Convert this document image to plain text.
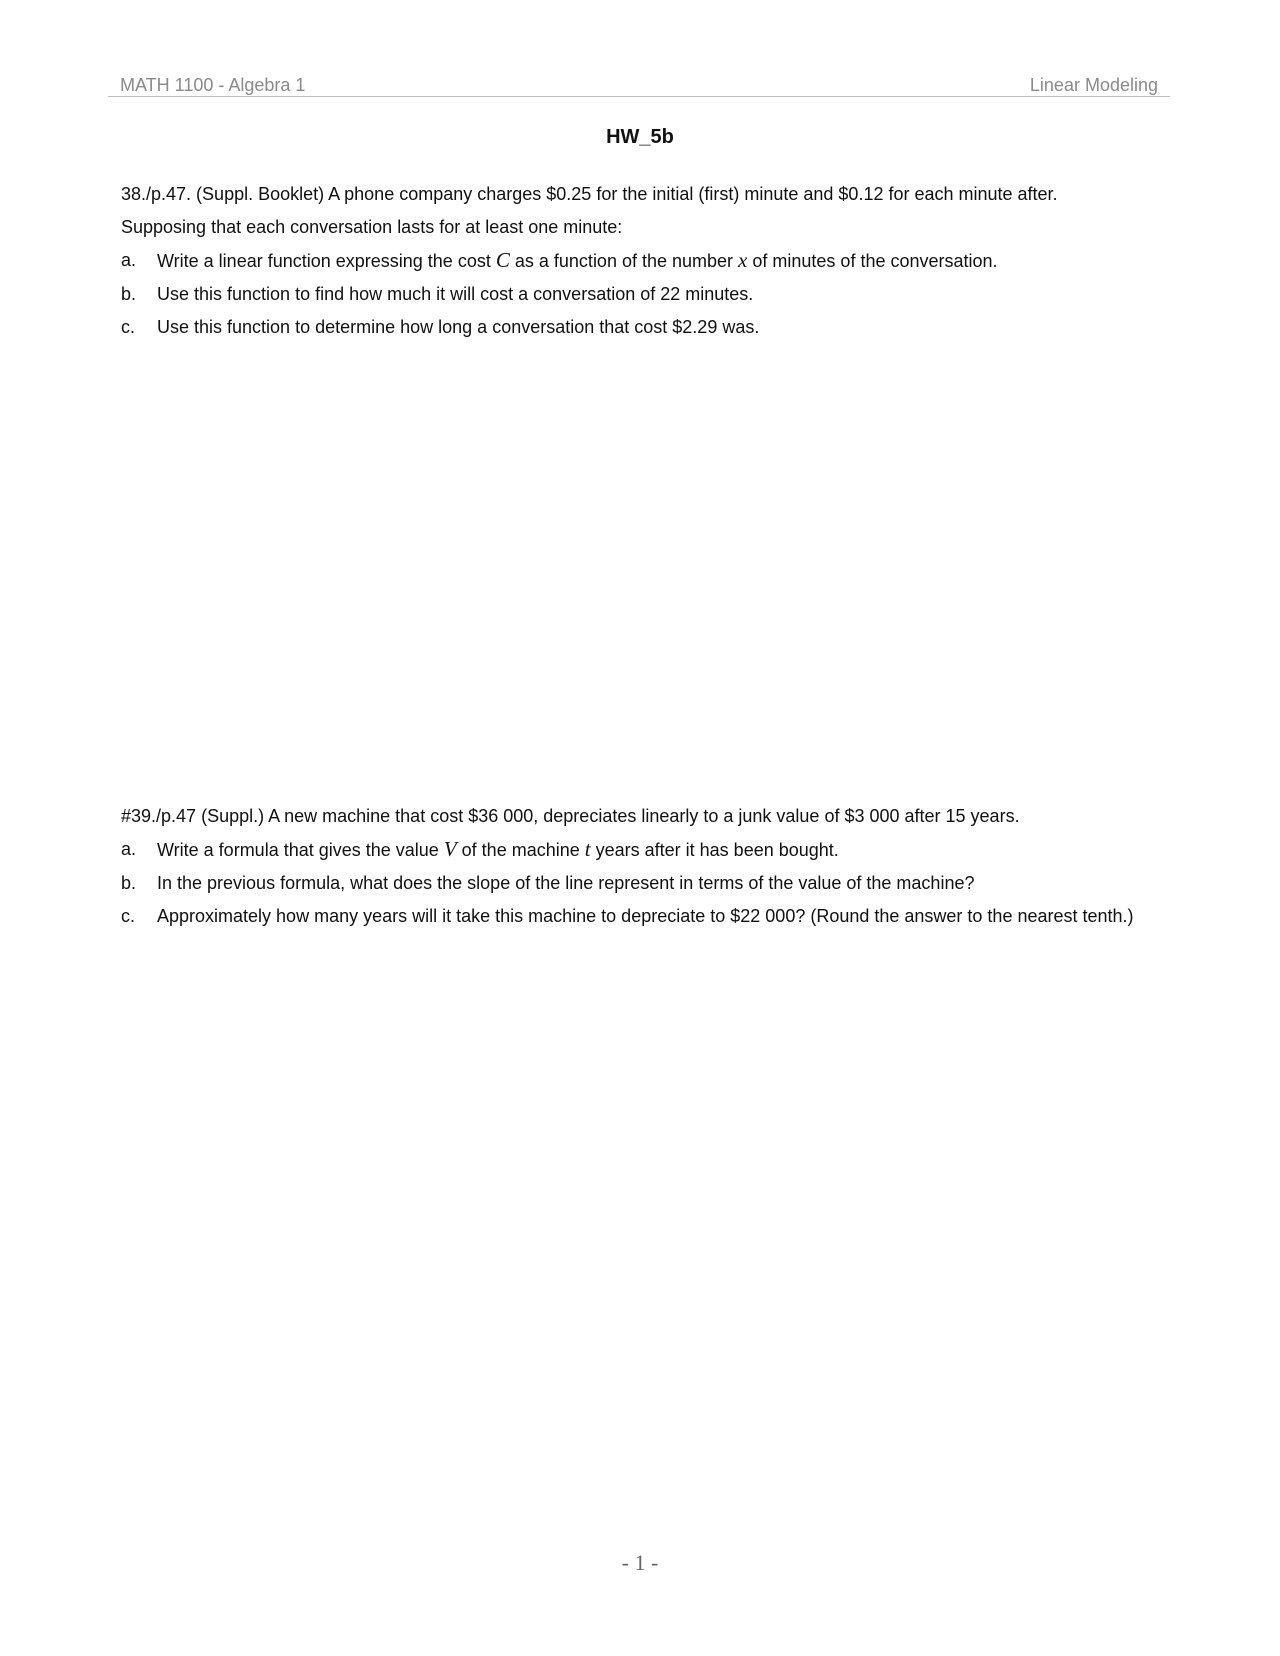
MATH 1100 - Algebra 1	Linear Modeling
HW_5b
38./p.47. (Suppl. Booklet) A phone company charges $0.25 for the initial (first) minute and $0.12 for each minute after. Supposing that each conversation lasts for at least one minute:
a. Write a linear function expressing the cost C as a function of the number x of minutes of the conversation.
b. Use this function to find how much it will cost a conversation of 22 minutes.
c. Use this function to determine how long a conversation that cost $2.29 was.
#39./p.47 (Suppl.) A new machine that cost $36 000, depreciates linearly to a junk value of $3 000 after 15 years.
a. Write a formula that gives the value V of the machine t years after it has been bought.
b. In the previous formula, what does the slope of the line represent in terms of the value of the machine?
c. Approximately how many years will it take this machine to depreciate to $22 000? (Round the answer to the nearest tenth.)
- 1 -
